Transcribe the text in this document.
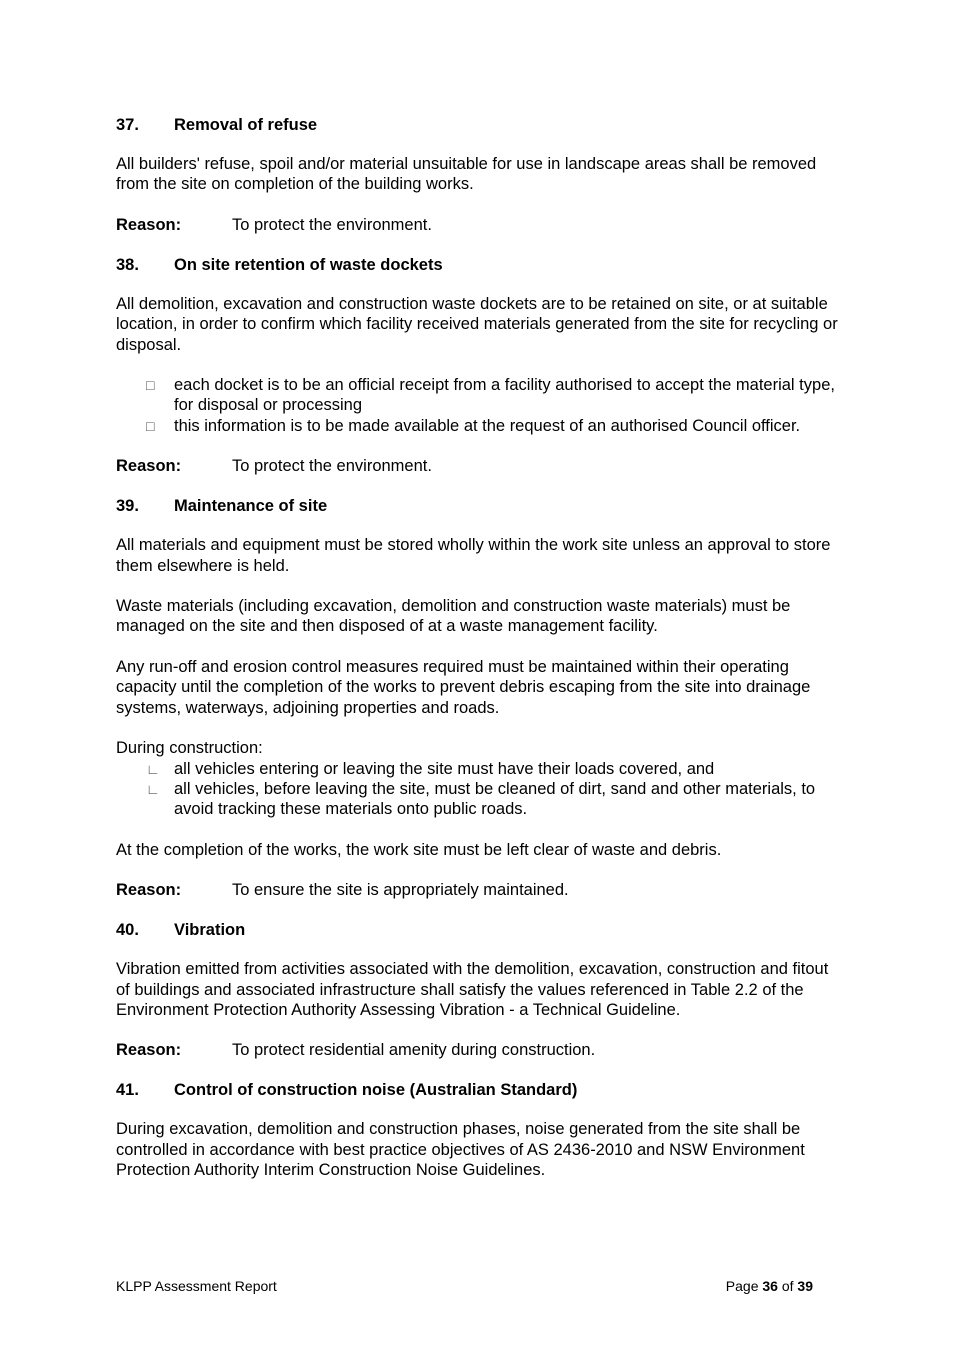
37.	Removal of refuse

All builders' refuse, spoil and/or material unsuitable for use in landscape areas shall be removed from the site on completion of the building works.

Reason:	To protect the environment.
38.	On site retention of waste dockets

All demolition, excavation and construction waste dockets are to be retained on site, or at suitable location, in order to confirm which facility received materials generated from the site for recycling or disposal.

□	each docket is to be an official receipt from a facility authorised to accept the material type, for disposal or processing
□	this information is to be made available at the request of an authorised Council officer.
Reason:	To protect the environment.
39.	Maintenance of site

All materials and equipment must be stored wholly within the work site unless an approval to store them elsewhere is held.

Waste materials (including excavation, demolition and construction waste materials) must be managed on the site and then disposed of at a waste management facility.

Any run-off and erosion control measures required must be maintained within their operating capacity until the completion of the works to prevent debris escaping from the site into drainage systems, waterways, adjoining properties and roads.

During construction:
∟ all vehicles entering or leaving the site must have their loads covered, and
∟ all vehicles, before leaving the site, must be cleaned of dirt, sand and other materials, to avoid tracking these materials onto public roads.

At the completion of the works, the work site must be left clear of waste and debris.

Reason:	To ensure the site is appropriately maintained.
40.	Vibration

Vibration emitted from activities associated with the demolition, excavation, construction and fitout of buildings and associated infrastructure shall satisfy the values referenced in Table 2.2 of the Environment Protection Authority Assessing Vibration - a Technical Guideline.

Reason:	To protect residential amenity during construction.
41.	Control of construction noise (Australian Standard)

During excavation, demolition and construction phases, noise generated from the site shall be controlled in accordance with best practice objectives of AS 2436-2010 and NSW Environment Protection Authority Interim Construction Noise Guidelines.

KLPP Assessment Report	Page 36 of 39
